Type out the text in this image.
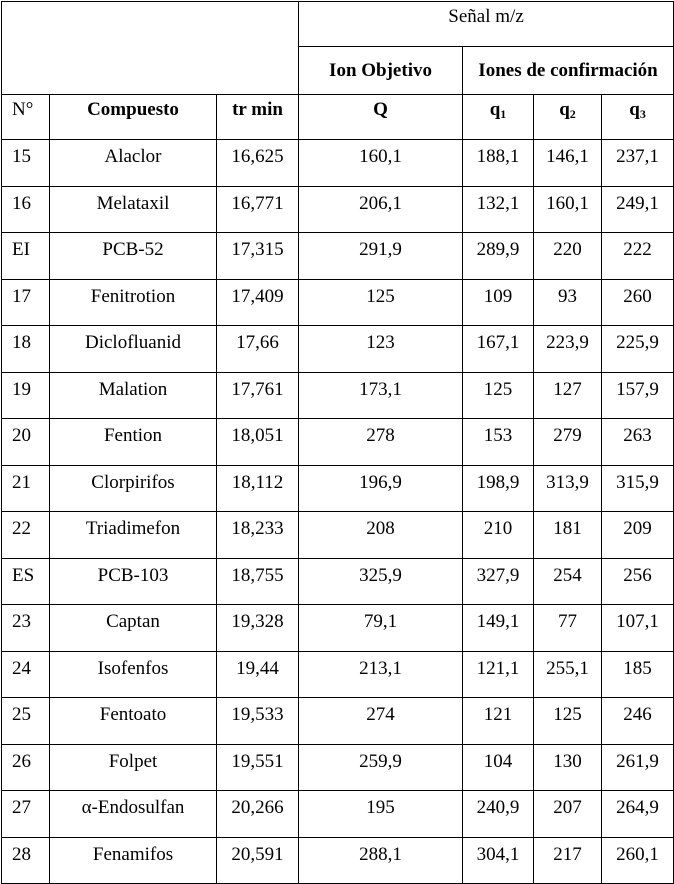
			Señal m/z			
			Ion Objetivo	Iones de confirmación		
N°	Compuesto	tr min	Q	$q_1$	$q_2$	$q_3$
15	Alaclor	16,625	160,1	188,1	146,1	237,1
16	Melataxil	16,771	206,1	132,1	160,1	249,1
EI	PCB-52	17,315	291,9	289,9	220	222
17	Fenitrotion	17,409	125	109	93	260
18	Diclofluanid	17,66	123	167,1	223,9	225,9
19	Malation	17,761	173,1	125	127	157,9
20	Fention	18,051	278	153	279	263
21	Clorpirifos	18,112	196,9	198,9	313,9	315,9
22	Triadimefon	18,233	208	210	181	209
ES	PCB-103	18,755	325,9	327,9	254	256
23	Captan	19,328	79,1	149,1	77	107,1
24	Isofenfos	19,44	213,1	121,1	255,1	185
25	Fentoato	19,533	274	121	125	246
26	Folpet	19,551	259,9	104	130	261,9
27	α-Endosulfan	20,266	195	240,9	207	264,9
28	Fenamifos	20,591	288,1	304,1	217	260,1
